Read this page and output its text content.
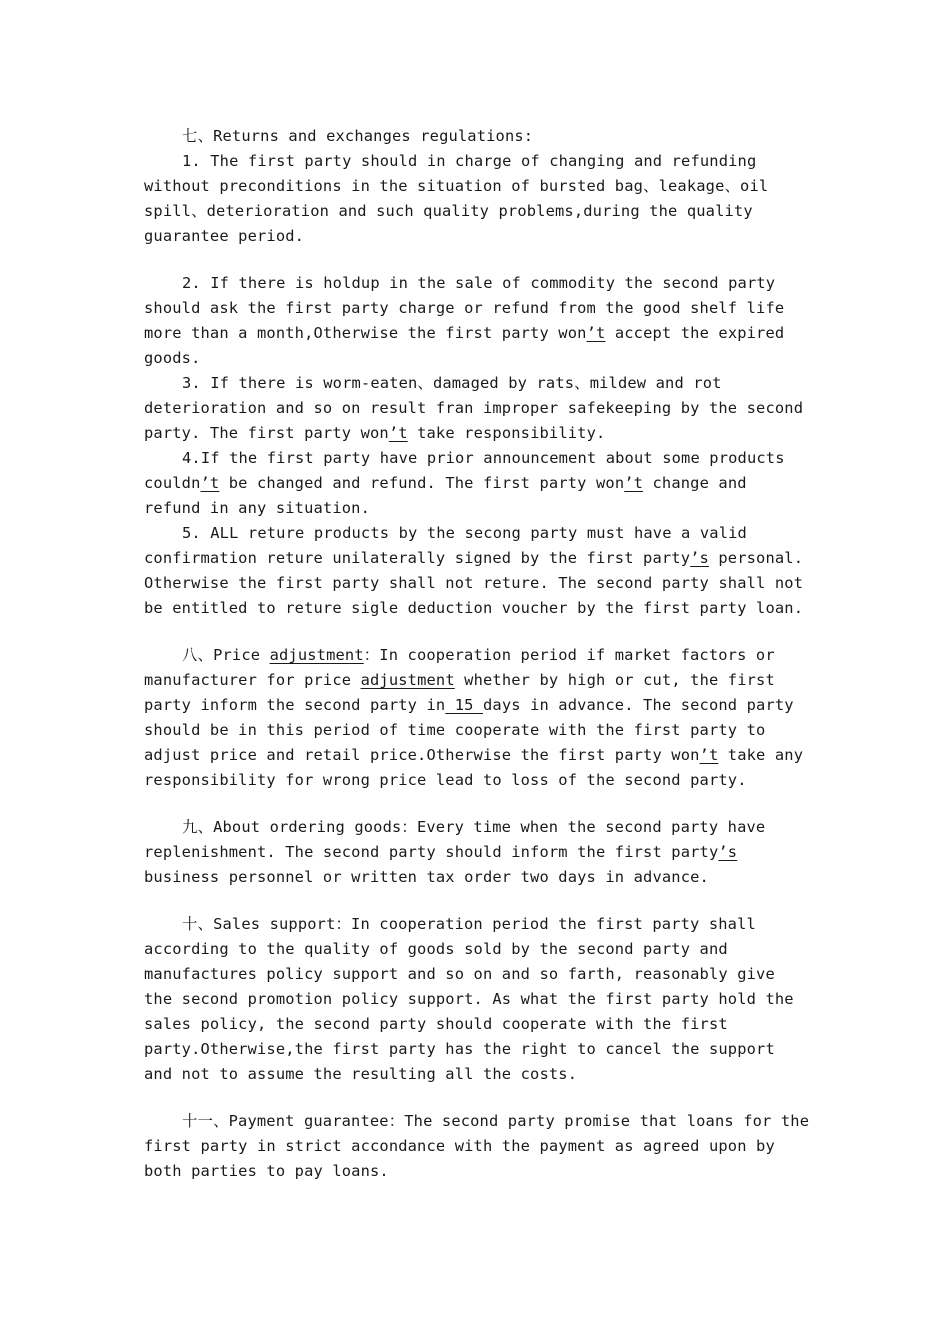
七、Returns and exchanges regulations:

1. The first party should in charge of changing and refunding without preconditions in the situation of bursted bag、leakage、oil spill、deterioration and such quality problems,during the quality guarantee period.

2. If there is holdup in the sale of commodity the second party should ask the first party charge or refund from the good shelf life more than a month,Otherwise the first party won’t accept the expired goods.

3. If there is worm-eaten、damaged by rats、mildew and rot deterioration and so on result fran improper safekeeping by the second party. The first party won’t take responsibility.

4.If the first party have prior announcement about some products couldn’t be changed and refund. The first party won’t change and refund in any situation.

5. ALL reture products by the secong party must have a valid confirmation reture unilaterally signed by the first party’s personal. Otherwise the first party shall not reture. The second party shall not be entitled to reture sigle deduction voucher by the first party loan.

八、Price adjustment：In cooperation period if market factors or manufacturer for price adjustment whether by high or cut, the first party inform the second party in 15 days in advance. The second party should be in this period of time cooperate with the first party to adjust price and retail price.Otherwise the first party won’t take any responsibility for wrong price lead to loss of the second party.

九、About ordering goods：Every time when the second party have replenishment. The second party should inform the first party’s business personnel or written tax order two days in advance.

十、Sales support：In cooperation period the first party shall according to the quality of goods sold by the second party and manufactures policy support and so on and so farth, reasonably give the second promotion policy support. As what the first party hold the sales policy, the second party should cooperate with the first party.Otherwise,the first party has the right to cancel the support and not to assume the resulting all the costs.

十一、Payment guarantee：The second party promise that loans for the first party in strict accondance with the payment as agreed upon by both parties to pay loans.
